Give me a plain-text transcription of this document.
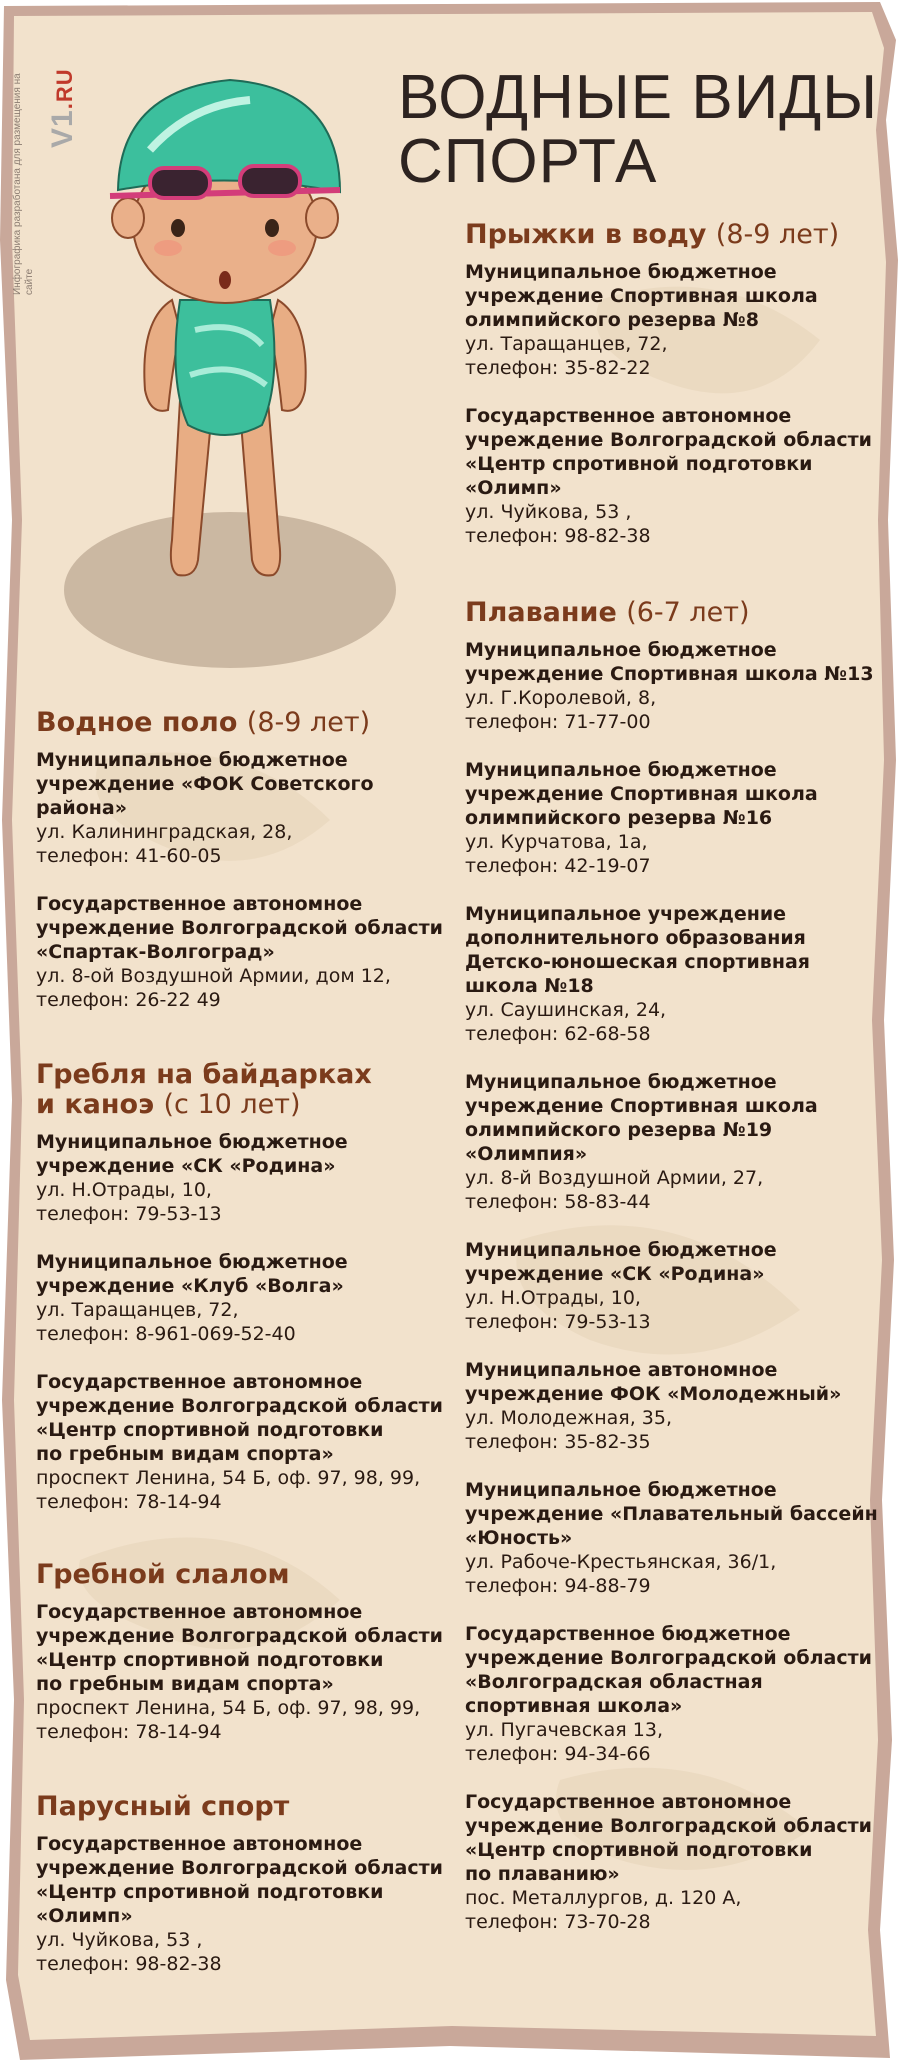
V1.RU

Инфографика разработана для размещения на сайте

ВОДНЫЕ ВИДЫ
СПОРТА
Прыжки в воду (8-9 лет)

Муниципальное бюджетное
учреждение Спортивная школа
олимпийского резерва №8

ул. Таращанцев, 72,

телефон: 35-82-22

Государственное автономное
учреждение Волгоградской области
«Центр спротивной подготовки
«Олимп»

ул. Чуйкова, 53 ,

телефон: 98-82-38

Плавание (6-7 лет)

Муниципальное бюджетное
учреждение Спортивная школа №13

ул. Г.Королевой, 8,

телефон: 71-77-00

Муниципальное бюджетное
учреждение Спортивная школа
олимпийского резерва №16

ул. Курчатова, 1а,

телефон: 42-19-07

Муниципальное учреждение
дополнительного образования
Детско-юношеская спортивная
школа №18

ул. Саушинская, 24,

телефон: 62-68-58

Муниципальное бюджетное
учреждение Спортивная школа
олимпийского резерва №19
«Олимпия»

ул. 8-й Воздушной Армии, 27,

телефон: 58-83-44

Муниципальное бюджетное
учреждение «СК «Родина»

ул. Н.Отрады, 10,

телефон: 79-53-13

Муниципальное автономное
учреждение ФОК «Молодежный»

ул. Молодежная, 35,

телефон: 35-82-35

Муниципальное бюджетное
учреждение «Плавательный бассейн
«Юность»

ул. Рабоче-Крестьянская, 36/1,

телефон: 94-88-79

Государственное бюджетное
учреждение Волгоградской области
«Волгоградская областная
спортивная школа»

ул. Пугачевская 13,

телефон: 94-34-66

Государственное автономное
учреждение Волгоградской области
«Центр спортивной подготовки
по плаванию»

пос. Металлургов, д. 120 А,

телефон: 73-70-28

Водное поло (8-9 лет)

Муниципальное бюджетное
учреждение «ФОК Советского
района»

ул. Калининградская, 28,

телефон: 41-60-05

Государственное автономное
учреждение Волгоградской области
«Спартак-Волгоград»

ул. 8-ой Воздушной Армии, дом 12,

телефон: 26-22 49

Гребля на байдарках
и каноэ (с 10 лет)

Муниципальное бюджетное
учреждение «СК «Родина»

ул. Н.Отрады, 10,

телефон: 79-53-13

Муниципальное бюджетное
учреждение «Клуб «Волга»

ул. Таращанцев, 72,

телефон: 8-961-069-52-40

Государственное автономное
учреждение Волгоградской области
«Центр спортивной подготовки
по гребным видам спорта»

проспект Ленина, 54 Б, оф. 97, 98, 99,

телефон: 78-14-94

Гребной слалом

Государственное автономное
учреждение Волгоградской области
«Центр спортивной подготовки
по гребным видам спорта»

проспект Ленина, 54 Б, оф. 97, 98, 99,

телефон: 78-14-94

Парусный спорт

Государственное автономное
учреждение Волгоградской области
«Центр спротивной подготовки
«Олимп»

ул. Чуйкова, 53 ,

телефон: 98-82-38
